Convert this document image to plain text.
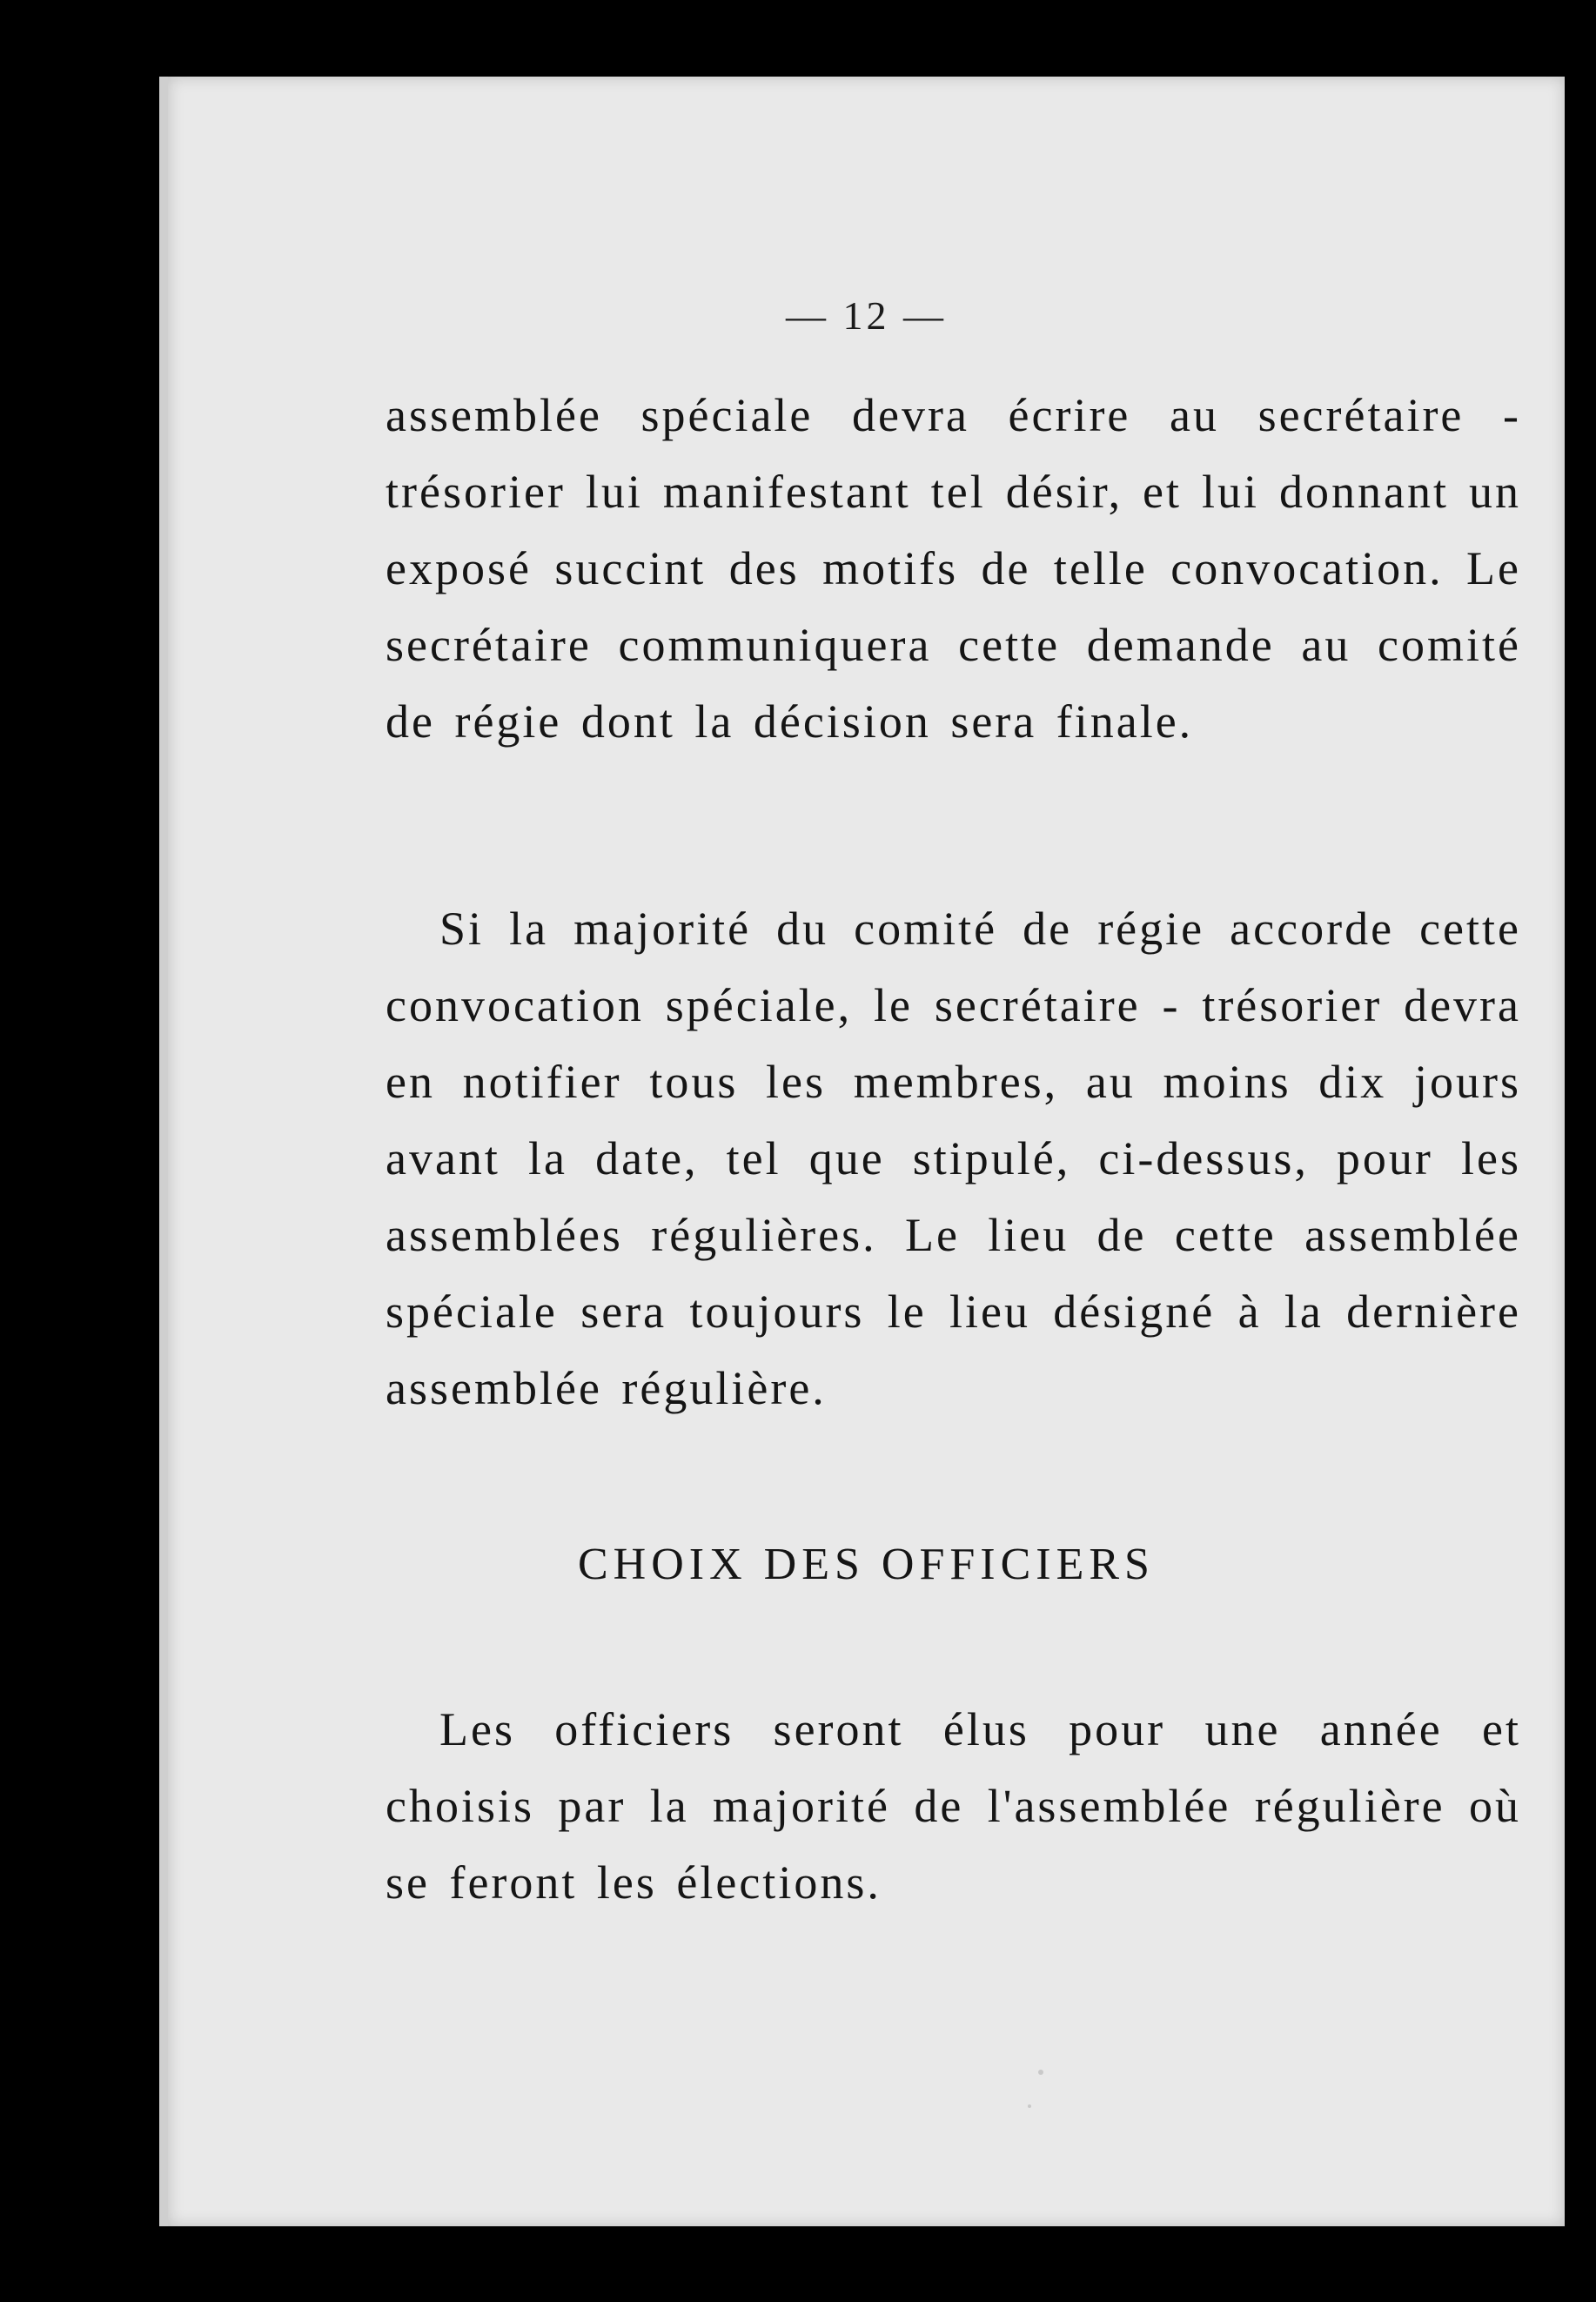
— 12 —

assemblée spéciale devra écrire au secrétaire - trésorier lui manifestant tel désir, et lui donnant un exposé succint des motifs de telle convocation. Le secrétaire communiquera cette demande au comité de régie dont la décision sera finale.

Si la majorité du comité de régie accorde cette convocation spéciale, le secrétaire - trésorier devra en notifier tous les membres, au moins dix jours avant la date, tel que stipulé, ci-dessus, pour les assemblées régulières. Le lieu de cette assemblée spéciale sera toujours le lieu désigné à la dernière assemblée régulière.

CHOIX DES OFFICIERS

Les officiers seront élus pour une année et choisis par la majorité de l'assemblée régulière où se feront les élections.
